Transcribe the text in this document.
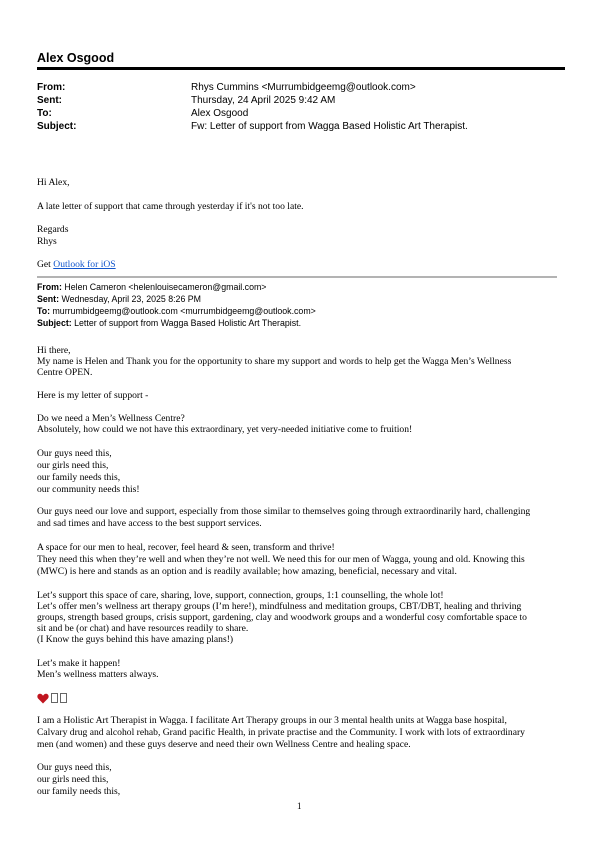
Alex Osgood
From:	Rhys Cummins <Murrumbidgeemg@outlook.com>
Sent:	Thursday, 24 April 2025 9:42 AM
To:	Alex Osgood
Subject:	Fw: Letter of support from Wagga Based Holistic Art Therapist.
Hi Alex,
A late letter of support that came through yesterday if it's not too late.
Regards
Rhys
Get Outlook for iOS
From: Helen Cameron <helenlouisecameron@gmail.com>
Sent: Wednesday, April 23, 2025 8:26 PM
To: murrumbidgeemg@outlook.com <murrumbidgeemg@outlook.com>
Subject: Letter of support from Wagga Based Holistic Art Therapist.
Hi there,
My name is Helen and Thank you for the opportunity to share my support and words to help get the Wagga Men’s Wellness
Centre OPEN.
Here is my letter of support -
Do we need a Men’s Wellness Centre?
Absolutely, how could we not have this extraordinary, yet very-needed initiative come to fruition!
Our guys need this,
our girls need this,
our family needs this,
our community needs this!
Our guys need our love and support, especially from those similar to themselves going through extraordinarily hard, challenging
and sad times and have access to the best support services.
A space for our men to heal, recover, feel heard & seen, transform and thrive!
They need this when they’re well and when they’re not well. We need this for our men of Wagga, young and old. Knowing this
(MWC) is here and stands as an option and is readily available; how amazing, beneficial, necessary and vital.
Let’s support this space of care, sharing, love, support, connection, groups, 1:1 counselling, the whole lot!
Let’s offer men’s wellness art therapy groups (I’m here!), mindfulness and meditation groups, CBT/DBT, healing and thriving
groups, strength based groups, crisis support, gardening, clay and woodwork groups and a wonderful cosy comfortable space to
sit and be (or chat) and have resources readily to share.
(I Know the guys behind this have amazing plans!)
Let’s make it happen!
Men’s wellness matters always.
I am a Holistic Art Therapist in Wagga. I facilitate Art Therapy groups in our 3 mental health units at Wagga base hospital,
Calvary drug and alcohol rehab, Grand pacific Health, in private practise and the Community. I work with lots of extraordinary
men (and women) and these guys deserve and need their own Wellness Centre and healing space.
Our guys need this,
our girls need this,
our family needs this,
1
